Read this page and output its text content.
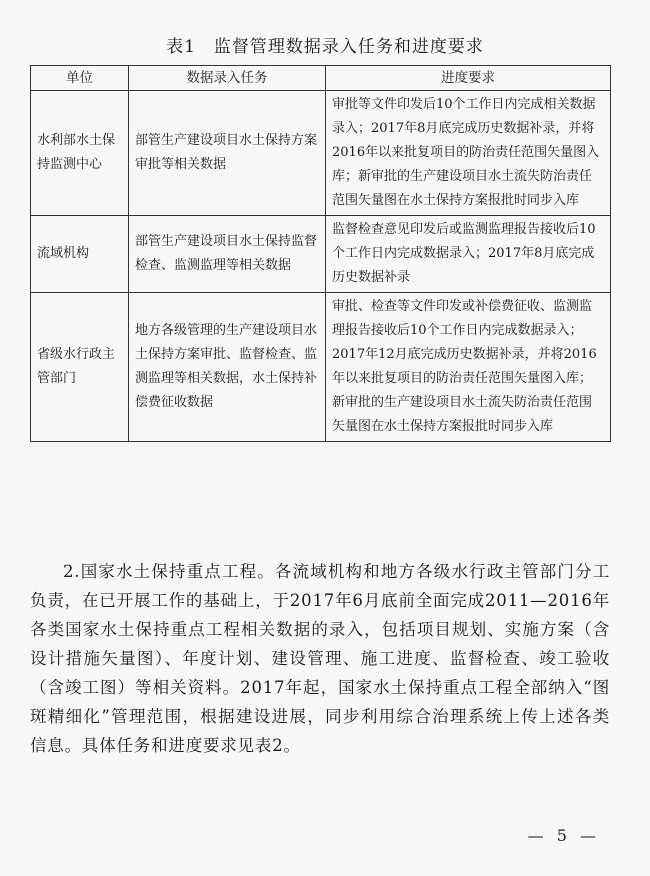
表1　监督管理数据录入任务和进度要求
单位	数据录入任务	进度要求
水利部水土保持监测中心	部管生产建设项目水土保持方案审批等相关数据	审批等文件印发后10个工作日内完成相关数据录入；2017年8月底完成历史数据补录，并将2016年以来批复项目的防治责任范围矢量图入库；新审批的生产建设项目水土流失防治责任范围矢量图在水土保持方案报批时同步入库
流域机构	部管生产建设项目水土保持监督检查、监测监理等相关数据	监督检查意见印发后或监测监理报告接收后10个工作日内完成数据录入；2017年8月底完成历史数据补录
省级水行政主管部门	地方各级管理的生产建设项目水土保持方案审批、监督检查、监测监理等相关数据，水土保持补偿费征收数据	审批、检查等文件印发或补偿费征收、监测监理报告接收后10个工作日内完成数据录入；2017年12月底完成历史数据补录，并将2016年以来批复项目的防治责任范围矢量图入库；新审批的生产建设项目水土流失防治责任范围矢量图在水土保持方案报批时同步入库

2.国家水土保持重点工程。各流域机构和地方各级水行政主管部门分工负责，在已开展工作的基础上，于2017年6月底前全面完成2011—2016年各类国家水土保持重点工程相关数据的录入，包括项目规划、实施方案（含设计措施矢量图）、年度计划、建设管理、施工进度、监督检查、竣工验收（含竣工图）等相关资料。2017年起，国家水土保持重点工程全部纳入“图斑精细化”管理范围，根据建设进展，同步利用综合治理系统上传上述各类信息。具体任务和进度要求见表2。

— 5 —
